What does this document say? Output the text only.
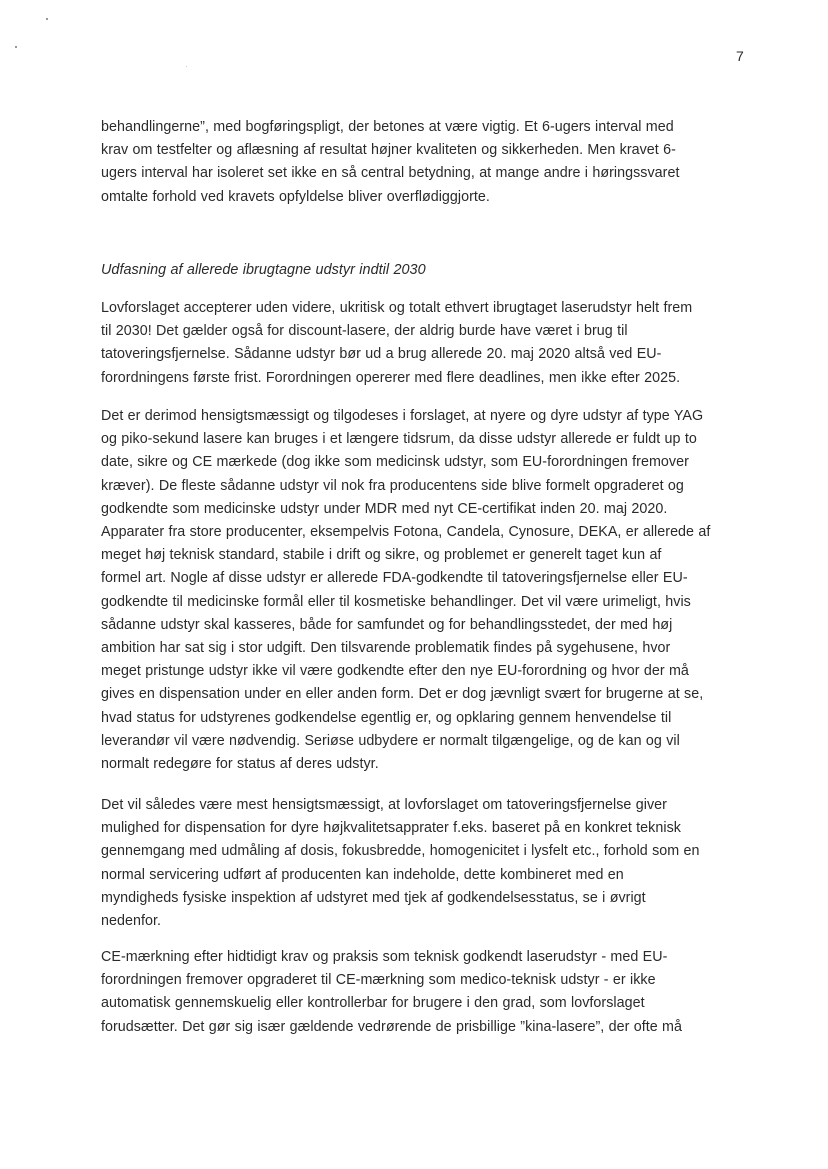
7

behandlingerne”, med bogføringspligt, der betones at være vigtig. Et 6-ugers interval med
krav om testfelter og aflæsning af resultat højner kvaliteten og sikkerheden. Men kravet 6-
ugers interval har isoleret set ikke en så central betydning, at mange andre i høringssvaret
omtalte forhold ved kravets opfyldelse bliver overflødiggjorte.

Udfasning af allerede ibrugtagne udstyr indtil 2030

Lovforslaget accepterer uden videre, ukritisk og totalt ethvert ibrugtaget laserudstyr helt frem
til 2030! Det gælder også for discount-lasere, der aldrig burde have været i brug til
tatoveringsfjernelse. Sådanne udstyr bør ud a brug allerede 20. maj 2020 altså ved EU-
forordningens første frist. Forordningen opererer med flere deadlines, men ikke efter 2025.

Det er derimod hensigtsmæssigt og tilgodeses i forslaget, at nyere og dyre udstyr af type YAG
og piko-sekund lasere kan bruges i et længere tidsrum, da disse udstyr allerede er fuldt up to
date, sikre og CE mærkede (dog ikke som medicinsk udstyr, som EU-forordningen fremover
kræver). De fleste sådanne udstyr vil nok fra producentens side blive formelt opgraderet og
godkendte som medicinske udstyr under MDR med nyt CE-certifikat inden 20. maj 2020.
Apparater fra store producenter, eksempelvis Fotona, Candela, Cynosure, DEKA, er allerede af
meget høj teknisk standard, stabile i drift og sikre, og problemet er generelt taget kun af
formel art. Nogle af disse udstyr er allerede FDA-godkendte til tatoveringsfjernelse eller EU-
godkendte til medicinske formål eller til kosmetiske behandlinger. Det vil være urimeligt, hvis
sådanne udstyr skal kasseres, både for samfundet og for behandlingsstedet, der med høj
ambition har sat sig i stor udgift. Den tilsvarende problematik findes på sygehusene, hvor
meget pristunge udstyr ikke vil være godkendte efter den nye EU-forordning og hvor der må
gives en dispensation under en eller anden form. Det er dog jævnligt svært for brugerne at se,
hvad status for udstyrenes godkendelse egentlig er, og opklaring gennem henvendelse til
leverandør vil være nødvendig. Seriøse udbydere er normalt tilgængelige, og de kan og vil
normalt redegøre for status af deres udstyr.

Det vil således være mest hensigtsmæssigt, at lovforslaget om tatoveringsfjernelse giver
mulighed for dispensation for dyre højkvalitetsapprater f.eks. baseret på en konkret teknisk
gennemgang med udmåling af dosis, fokusbredde, homogenicitet i lysfelt etc., forhold som en
normal servicering udført af producenten kan indeholde, dette kombineret med en
myndigheds fysiske inspektion af udstyret med tjek af godkendelsesstatus, se i øvrigt
nedenfor.

CE-mærkning efter hidtidigt krav og praksis som teknisk godkendt laserudstyr - med EU-
forordningen fremover opgraderet til CE-mærkning som medico-teknisk udstyr - er ikke
automatisk gennemskuelig eller kontrollerbar for brugere i den grad, som lovforslaget
forudsætter. Det gør sig især gældende vedrørende de prisbillige ”kina-lasere”, der ofte må
